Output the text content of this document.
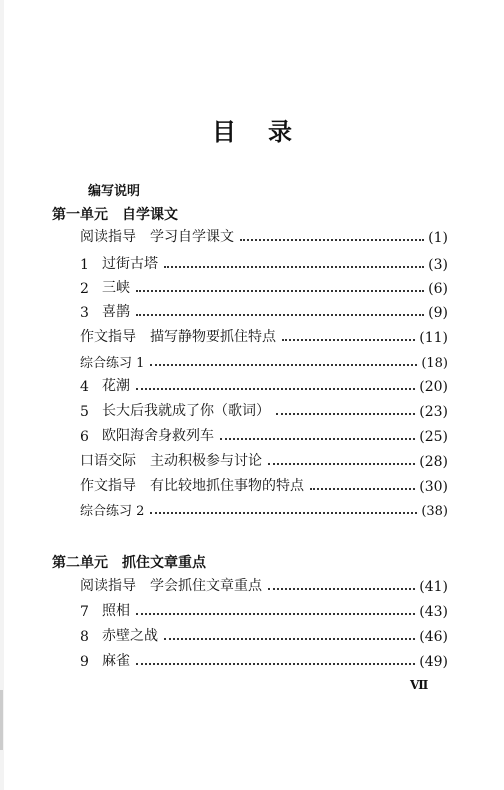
目录
编写说明
第一单元 自学课文
阅读指导 学习自学课文	(1)
1 过街古塔	(3)
2 三峡	(6)
3 喜鹊	(9)
作文指导 描写静物要抓住特点	(11)
综合练习 1	(18)
4 花潮	(20)
5 长大后我就成了你（歌词）	(23)
6 欧阳海舍身救列车	(25)
口语交际 主动积极参与讨论	(28)
作文指导 有比较地抓住事物的特点	(30)
综合练习 2	(38)
第二单元 抓住文章重点
阅读指导 学会抓住文章重点	(41)
7 照相	(43)
8 赤壁之战	(46)
9 麻雀	(49)
Ⅶ
